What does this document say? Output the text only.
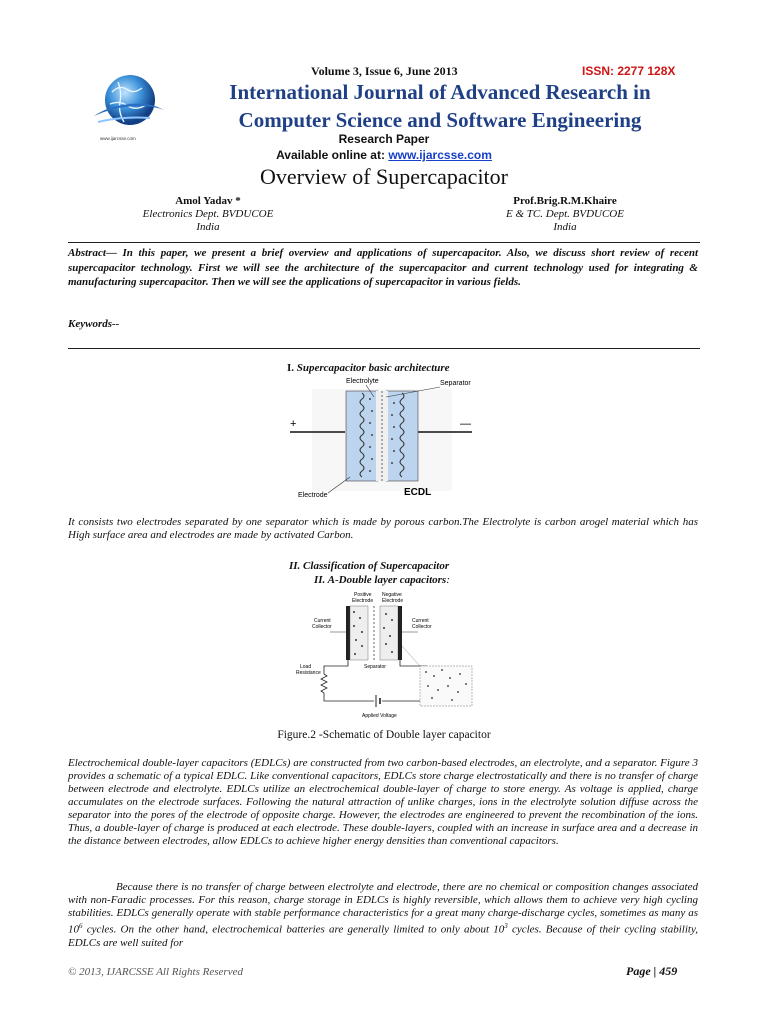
www.ijarcsse.com
Volume 3, Issue 6, June 2013	ISSN: 2277 128X
International Journal of Advanced Research in
Computer Science and Software Engineering
Research Paper
Available online at: www.ijarcsse.com
Overview of Supercapacitor
Amol Yadav *
Electronics Dept. BVDUCOE
India
Prof.Brig.R.M.Khaire
E & TC. Dept. BVDUCOE
India
Abstract— In this paper, we present a brief overview and applications of supercapacitor. Also, we discuss short review of recent supercapacitor technology. First we will see the architecture of the supercapacitor and current technology used for integrating & manufacturing supercapacitor. Then we will see the applications of supercapacitor in various fields.
Keywords--
I. Supercapacitor basic architecture
+	—
Electrolyte	Separator
Electrode	ECDL
It consists two electrodes separated by one separator which is made by porous carbon.The Electrolyte is carbon arogel material which has High surface area and electrodes are made by activated Carbon.
II. Classification of Supercapacitor
II. A-Double layer capacitors:
Positive
Electrode
Negative
Electrode
Current
Collector
Current
Collector
Separator
Load
Resistance
Applied Voltage
Figure.2 -Schematic of Double layer capacitor
Electrochemical double-layer capacitors (EDLCs) are constructed from two carbon-based electrodes, an electrolyte, and a separator. Figure 3 provides a schematic of a typical EDLC. Like conventional capacitors, EDLCs store charge electrostatically and there is no transfer of charge between electrode and electrolyte. EDLCs utilize an electrochemical double-layer of charge to store energy. As voltage is applied, charge accumulates on the electrode surfaces. Following the natural attraction of unlike charges, ions in the electrolyte solution diffuse across the separator into the pores of the electrode of opposite charge. However, the electrodes are engineered to prevent the recombination of the ions. Thus, a double-layer of charge is produced at each electrode. These double-layers, coupled with an increase in surface area and a decrease in the distance between electrodes, allow EDLCs to achieve higher energy densities than conventional capacitors.
Because there is no transfer of charge between electrolyte and electrode, there are no chemical or composition changes associated with non-Faradic processes. For this reason, charge storage in EDLCs is highly reversible, which allows them to achieve very high cycling stabilities. EDLCs generally operate with stable performance characteristics for a great many charge-discharge cycles, sometimes as many as $10^6$ cycles. On the other hand, electrochemical batteries are generally limited to only about $10^3$ cycles. Because of their cycling stability, EDLCs are well suited for
© 2013, IJARCSSE All Rights Reserved	Page | 459
